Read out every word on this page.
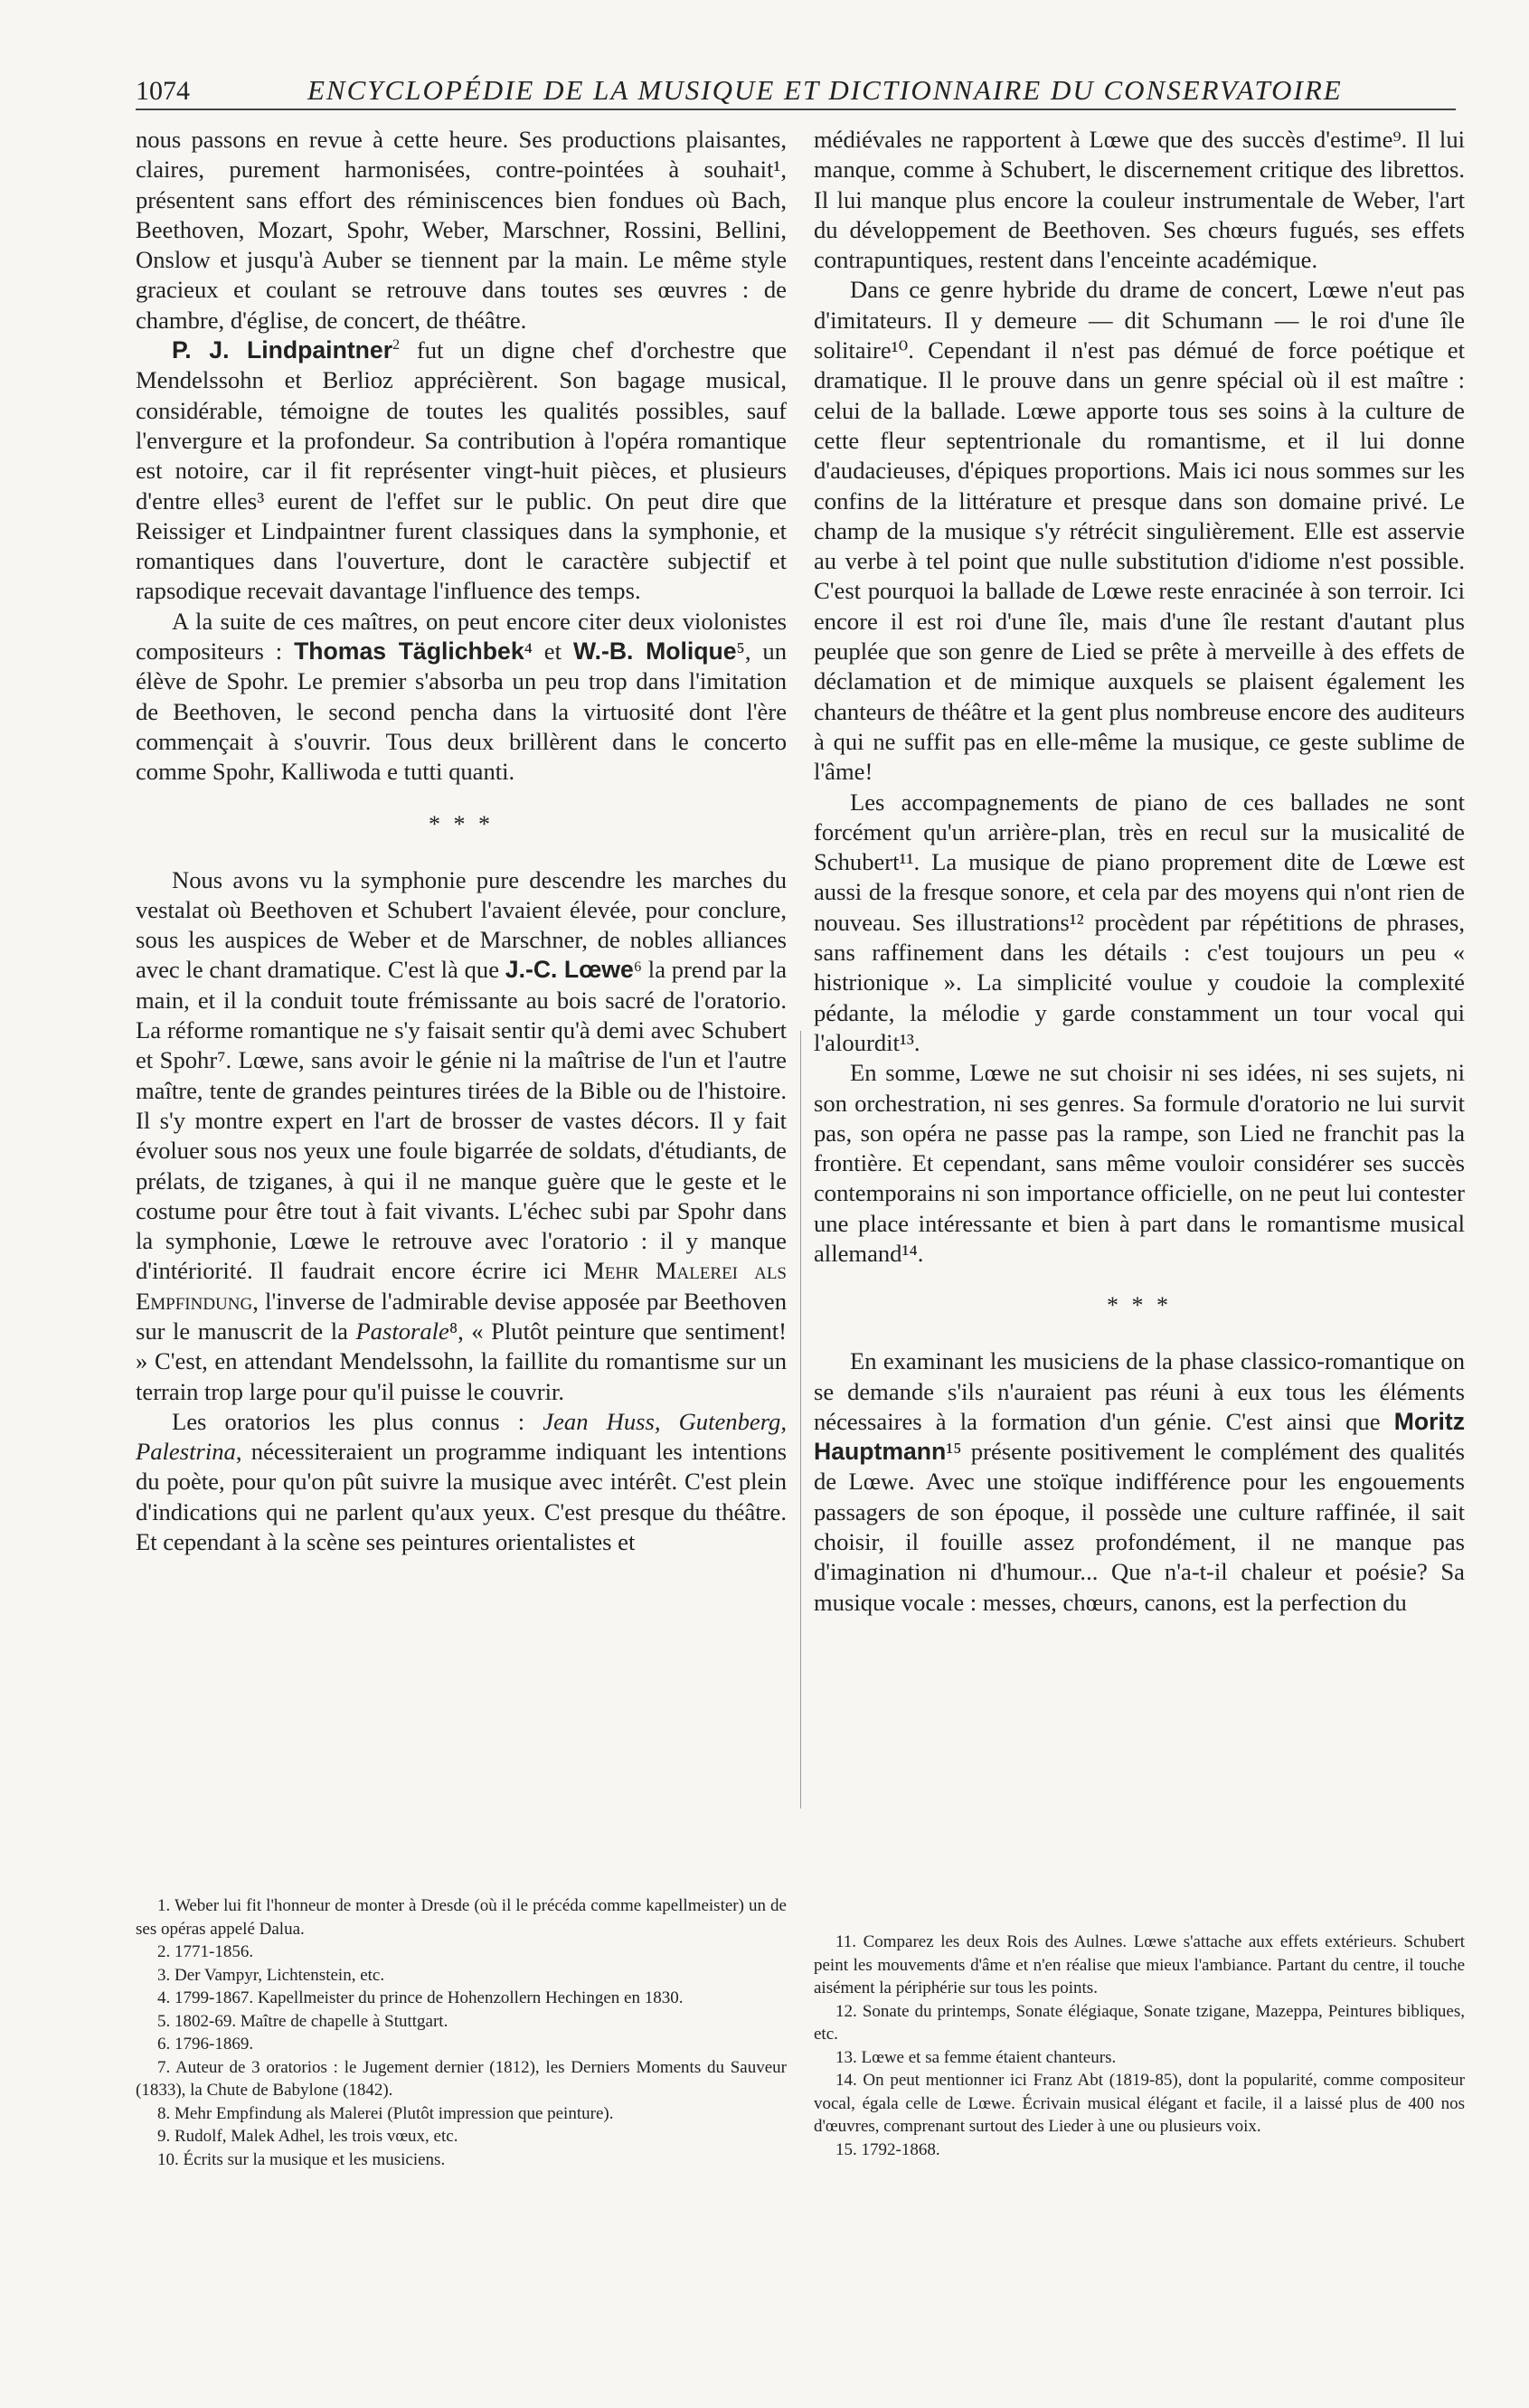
1074	ENCYCLOPÉDIE DE LA MUSIQUE ET DICTIONNAIRE DU CONSERVATOIRE

nous passons en revue à cette heure. Ses productions plaisantes, claires, purement harmonisées, contre-pointées à souhait¹, présentent sans effort des réminiscences bien fondues où Bach, Beethoven, Mozart, Spohr, Weber, Marschner, Rossini, Bellini, Onslow et jusqu'à Auber se tiennent par la main. Le même style gracieux et coulant se retrouve dans toutes ses œuvres : de chambre, d'église, de concert, de théâtre.

P. J. Lindpaintner$^2$ fut un digne chef d'orchestre que Mendelssohn et Berlioz apprécièrent. Son bagage musical, considérable, témoigne de toutes les qualités possibles, sauf l'envergure et la profondeur. Sa contribution à l'opéra romantique est notoire, car il fit représenter vingt-huit pièces, et plusieurs d'entre elles³ eurent de l'effet sur le public. On peut dire que Reissiger et Lindpaintner furent classiques dans la symphonie, et romantiques dans l'ouverture, dont le caractère subjectif et rapsodique recevait davantage l'influence des temps.

A la suite de ces maîtres, on peut encore citer deux violonistes compositeurs : Thomas Täglichbek⁴ et W.-B. Molique⁵, un élève de Spohr. Le premier s'absorba un peu trop dans l'imitation de Beethoven, le second pencha dans la virtuosité dont l'ère commençait à s'ouvrir. Tous deux brillèrent dans le concerto comme Spohr, Kalliwoda e tutti quanti.

* * *

Nous avons vu la symphonie pure descendre les marches du vestalat où Beethoven et Schubert l'avaient élevée, pour conclure, sous les auspices de Weber et de Marschner, de nobles alliances avec le chant dramatique. C'est là que J.-C. Lœwe⁶ la prend par la main, et il la conduit toute frémissante au bois sacré de l'oratorio. La réforme romantique ne s'y faisait sentir qu'à demi avec Schubert et Spohr⁷. Lœwe, sans avoir le génie ni la maîtrise de l'un et l'autre maître, tente de grandes peintures tirées de la Bible ou de l'histoire. Il s'y montre expert en l'art de brosser de vastes décors. Il y fait évoluer sous nos yeux une foule bigarrée de soldats, d'étudiants, de prélats, de tziganes, à qui il ne manque guère que le geste et le costume pour être tout à fait vivants. L'échec subi par Spohr dans la symphonie, Lœwe le retrouve avec l'oratorio : il y manque d'intériorité. Il faudrait encore écrire ici Mehr Malerei als Empfindung, l'inverse de l'admirable devise apposée par Beethoven sur le manuscrit de la Pastorale⁸, « Plutôt peinture que sentiment! » C'est, en attendant Mendelssohn, la faillite du romantisme sur un terrain trop large pour qu'il puisse le couvrir.

Les oratorios les plus connus : Jean Huss, Gutenberg, Palestrina, nécessiteraient un programme indiquant les intentions du poète, pour qu'on pût suivre la musique avec intérêt. C'est plein d'indications qui ne parlent qu'aux yeux. C'est presque du théâtre. Et cependant à la scène ses peintures orientalistes et

médiévales ne rapportent à Lœwe que des succès d'estime⁹. Il lui manque, comme à Schubert, le discernement critique des librettos. Il lui manque plus encore la couleur instrumentale de Weber, l'art du développement de Beethoven. Ses chœurs fugués, ses effets contrapuntiques, restent dans l'enceinte académique.

Dans ce genre hybride du drame de concert, Lœwe n'eut pas d'imitateurs. Il y demeure — dit Schumann — le roi d'une île solitaire¹⁰. Cependant il n'est pas démué de force poétique et dramatique. Il le prouve dans un genre spécial où il est maître : celui de la ballade. Lœwe apporte tous ses soins à la culture de cette fleur septentrionale du romantisme, et il lui donne d'audacieuses, d'épiques proportions. Mais ici nous sommes sur les confins de la littérature et presque dans son domaine privé. Le champ de la musique s'y rétrécit singulièrement. Elle est asservie au verbe à tel point que nulle substitution d'idiome n'est possible. C'est pourquoi la ballade de Lœwe reste enracinée à son terroir. Ici encore il est roi d'une île, mais d'une île restant d'autant plus peuplée que son genre de Lied se prête à merveille à des effets de déclamation et de mimique auxquels se plaisent également les chanteurs de théâtre et la gent plus nombreuse encore des auditeurs à qui ne suffit pas en elle-même la musique, ce geste sublime de l'âme!

Les accompagnements de piano de ces ballades ne sont forcément qu'un arrière-plan, très en recul sur la musicalité de Schubert¹¹. La musique de piano proprement dite de Lœwe est aussi de la fresque sonore, et cela par des moyens qui n'ont rien de nouveau. Ses illustrations¹² procèdent par répétitions de phrases, sans raffinement dans les détails : c'est toujours un peu « histrionique ». La simplicité voulue y coudoie la complexité pédante, la mélodie y garde constamment un tour vocal qui l'alourdit¹³.

En somme, Lœwe ne sut choisir ni ses idées, ni ses sujets, ni son orchestration, ni ses genres. Sa formule d'oratorio ne lui survit pas, son opéra ne passe pas la rampe, son Lied ne franchit pas la frontière. Et cependant, sans même vouloir considérer ses succès contemporains ni son importance officielle, on ne peut lui contester une place intéressante et bien à part dans le romantisme musical allemand¹⁴.

* * *

En examinant les musiciens de la phase classico-romantique on se demande s'ils n'auraient pas réuni à eux tous les éléments nécessaires à la formation d'un génie. C'est ainsi que Moritz Hauptmann¹⁵ présente positivement le complément des qualités de Lœwe. Avec une stoïque indifférence pour les engouements passagers de son époque, il possède une culture raffinée, il sait choisir, il fouille assez profondément, il ne manque pas d'imagination ni d'humour... Que n'a-t-il chaleur et poésie? Sa musique vocale : messes, chœurs, canons, est la perfection du

1. Weber lui fit l'honneur de monter à Dresde (où il le précéda comme kapellmeister) un de ses opéras appelé Dalua.
2. 1771-1856.
3. Der Vampyr, Lichtenstein, etc.
4. 1799-1867. Kapellmeister du prince de Hohenzollern Hechingen en 1830.
5. 1802-69. Maître de chapelle à Stuttgart.
6. 1796-1869.
7. Auteur de 3 oratorios : le Jugement dernier (1812), les Derniers Moments du Sauveur (1833), la Chute de Babylone (1842).
8. Mehr Empfindung als Malerei (Plutôt impression que peinture).
9. Rudolf, Malek Adhel, les trois vœux, etc.
10. Écrits sur la musique et les musiciens.
11. Comparez les deux Rois des Aulnes. Lœwe s'attache aux effets extérieurs. Schubert peint les mouvements d'âme et n'en réalise que mieux l'ambiance. Partant du centre, il touche aisément la périphérie sur tous les points.
12. Sonate du printemps, Sonate élégiaque, Sonate tzigane, Mazeppa, Peintures bibliques, etc.
13. Lœwe et sa femme étaient chanteurs.
14. On peut mentionner ici Franz Abt (1819-85), dont la popularité, comme compositeur vocal, égala celle de Lœwe. Écrivain musical élégant et facile, il a laissé plus de 400 nos d'œuvres, comprenant surtout des Lieder à une ou plusieurs voix.
15. 1792-1868.
